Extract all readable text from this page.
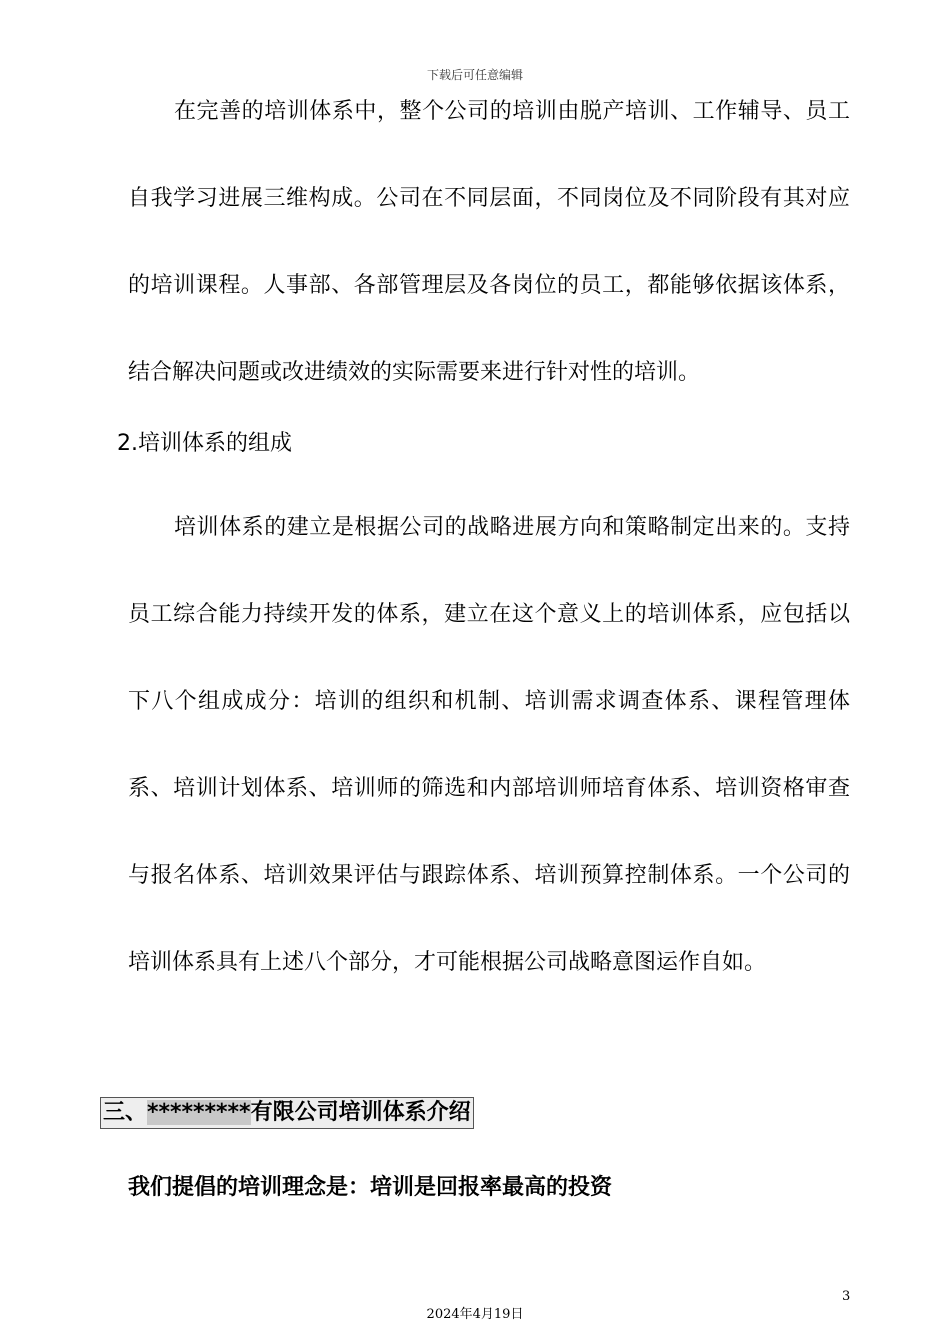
下载后可任意编辑

在完善的培训体系中，整个公司的培训由脱产培训、工作辅导、员工自我学习进展三维构成。公司在不同层面，不同岗位及不同阶段有其对应的培训课程。人事部、各部管理层及各岗位的员工，都能够依据该体系，结合解决问题或改进绩效的实际需要来进行针对性的培训。

2.培训体系的组成

培训体系的建立是根据公司的战略进展方向和策略制定出来的。支持员工综合能力持续开发的体系，建立在这个意义上的培训体系，应包括以下八个组成成分：培训的组织和机制、培训需求调查体系、课程管理体系、培训计划体系、培训师的筛选和内部培训师培育体系、培训资格审查与报名体系、培训效果评估与跟踪体系、培训预算控制体系。一个公司的培训体系具有上述八个部分，才可能根据公司战略意图运作自如。

三、*********有限公司培训体系介绍
我们提倡的培训理念是：培训是回报率最高的投资
3
2024年4月19日
